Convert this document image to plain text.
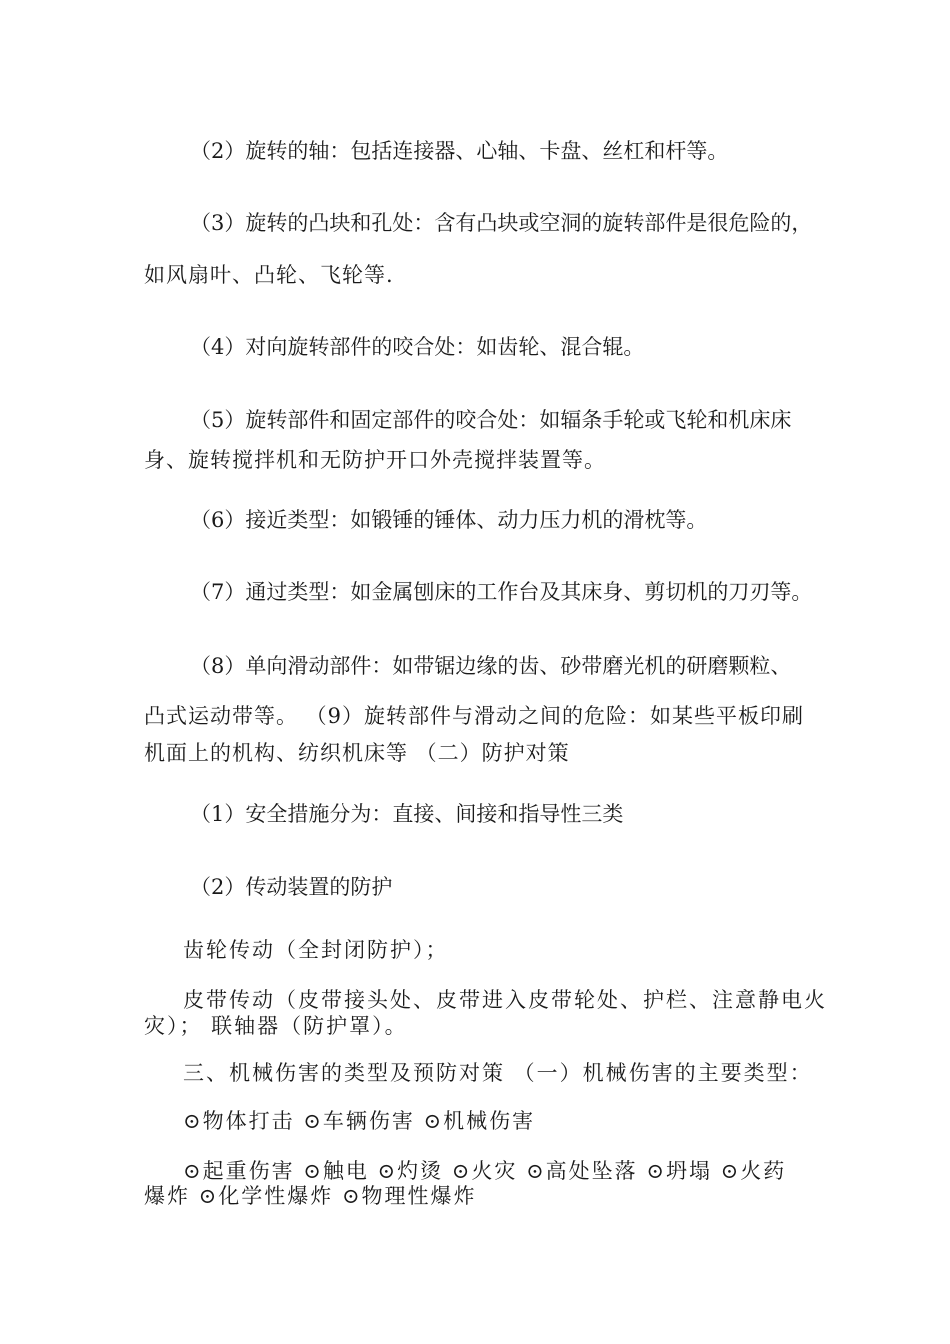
（2）旋转的轴：包括连接器、心轴、卡盘、丝杠和杆等。

（3）旋转的凸块和孔处：含有凸块或空洞的旋转部件是很危险的，

如风扇叶、凸轮、飞轮等.

（4）对向旋转部件的咬合处：如齿轮、混合辊。

（5）旋转部件和固定部件的咬合处：如辐条手轮或飞轮和机床床

身、旋转搅拌机和无防护开口外壳搅拌装置等。

（6）接近类型：如锻锤的锤体、动力压力机的滑枕等。

（7）通过类型：如金属刨床的工作台及其床身、剪切机的刀刃等。

（8）单向滑动部件：如带锯边缘的齿、砂带磨光机的研磨颗粒、

凸式运动带等。 （9）旋转部件与滑动之间的危险：如某些平板印刷

机面上的机构、纺织机床等 （二）防护对策

（1）安全措施分为：直接、间接和指导性三类

（2）传动装置的防护

齿轮传动（全封闭防护）；

皮带传动（皮带接头处、皮带进入皮带轮处、护栏、注意静电火

灾）； 联轴器（防护罩）。

三、机械伤害的类型及预防对策 （一）机械伤害的主要类型：

⊙物体打击 ⊙车辆伤害 ⊙机械伤害

⊙起重伤害 ⊙触电 ⊙灼烫 ⊙火灾 ⊙高处坠落 ⊙坍塌 ⊙火药

爆炸 ⊙化学性爆炸 ⊙物理性爆炸
